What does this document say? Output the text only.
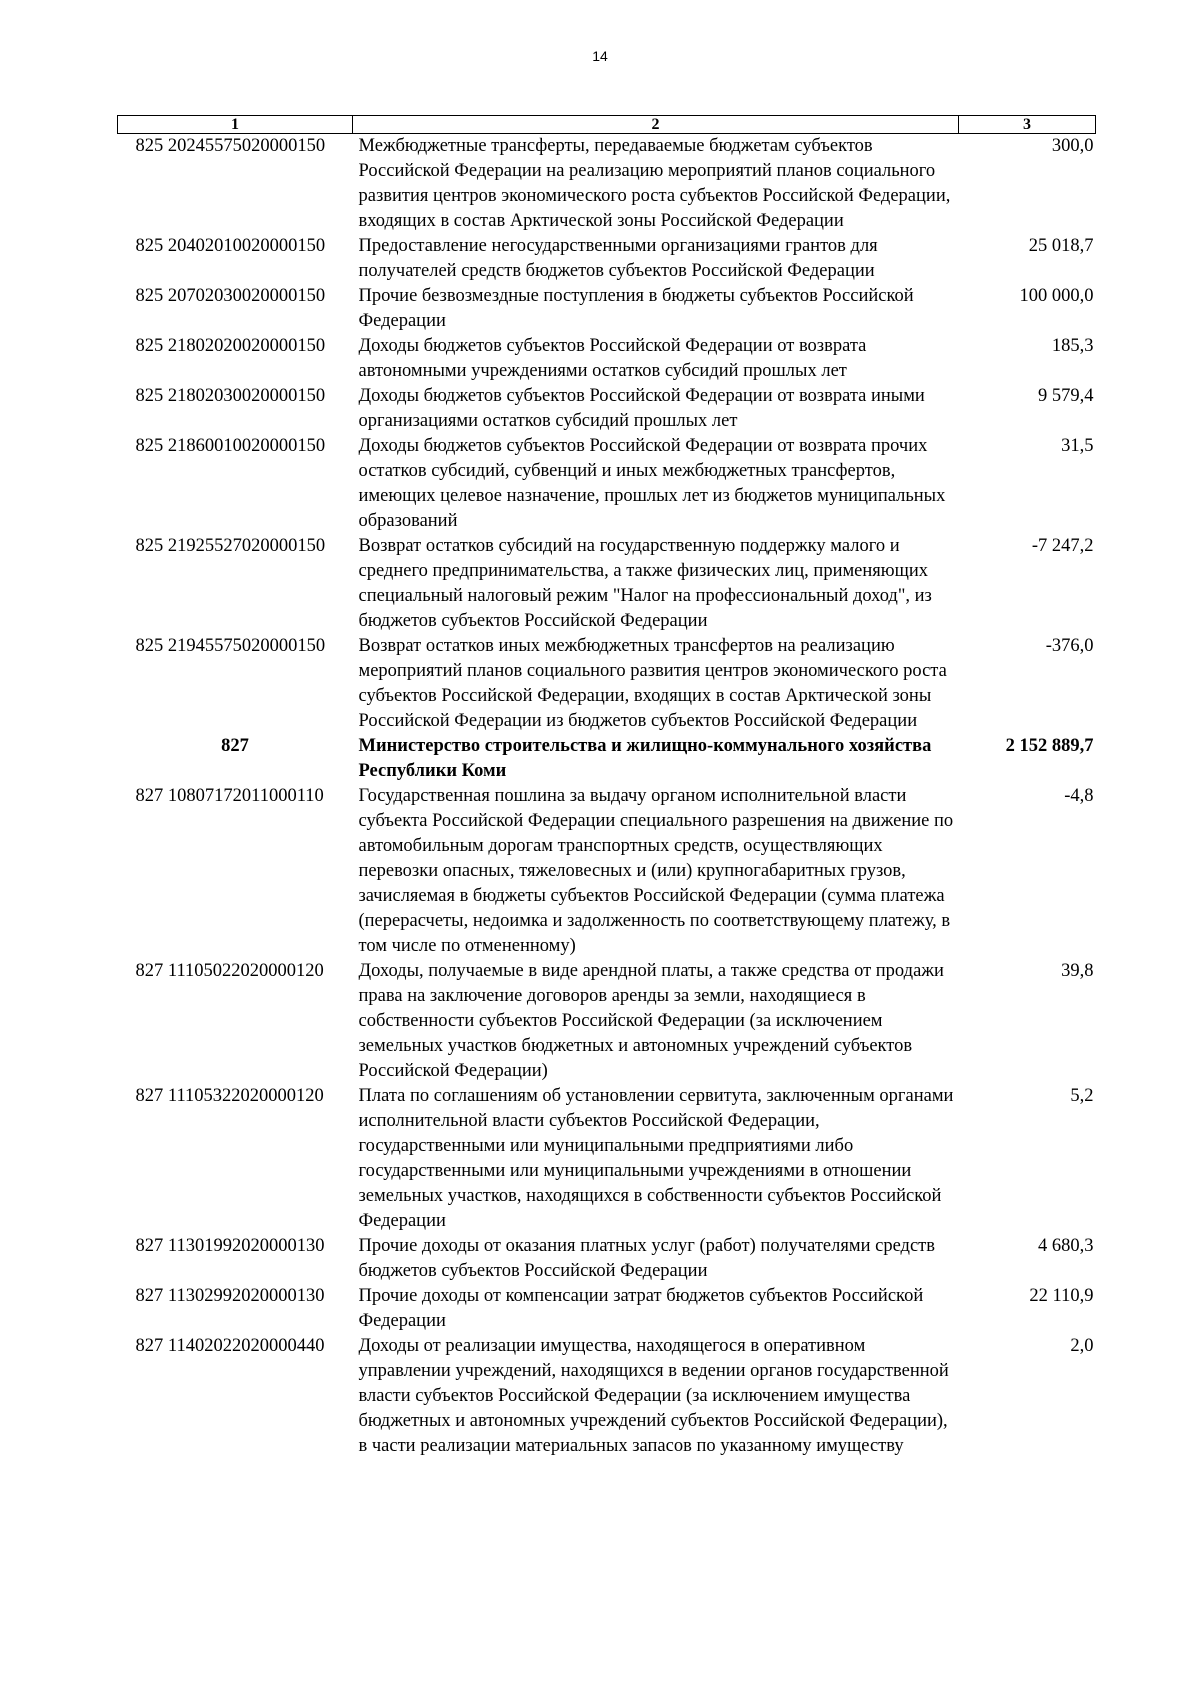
14
1	2	3
825 20245575020000150	Межбюджетные трансферты, передаваемые бюджетам субъектов Российской Федерации на реализацию мероприятий планов социального развития центров экономического роста субъектов Российской Федерации, входящих в состав Арктической зоны Российской Федерации	300,0
825 20402010020000150	Предоставление негосударственными организациями грантов для получателей средств бюджетов субъектов Российской Федерации	25 018,7
825 20702030020000150	Прочие безвозмездные поступления в бюджеты субъектов Российской Федерации	100 000,0
825 21802020020000150	Доходы бюджетов субъектов Российской Федерации от возврата автономными учреждениями остатков субсидий прошлых лет	185,3
825 21802030020000150	Доходы бюджетов субъектов Российской Федерации от возврата иными организациями остатков субсидий прошлых лет	9 579,4
825 21860010020000150	Доходы бюджетов субъектов Российской Федерации от возврата прочих остатков субсидий, субвенций и иных межбюджетных трансфертов, имеющих целевое назначение, прошлых лет из бюджетов муниципальных образований	31,5
825 21925527020000150	Возврат остатков субсидий на государственную поддержку малого и среднего предпринимательства, а также физических лиц, применяющих специальный налоговый режим "Налог на профессиональный доход", из бюджетов субъектов Российской Федерации	-7 247,2
825 21945575020000150	Возврат остатков иных межбюджетных трансфертов на реализацию мероприятий планов социального развития центров экономического роста субъектов Российской Федерации, входящих в состав Арктической зоны Российской Федерации из бюджетов субъектов Российской Федерации	-376,0
827	Министерство строительства и жилищно-коммунального хозяйства Республики Коми	2 152 889,7
827 10807172011000110	Государственная пошлина за выдачу органом исполнительной власти субъекта Российской Федерации специального разрешения на движение по автомобильным дорогам транспортных средств, осуществляющих перевозки опасных, тяжеловесных и (или) крупногабаритных грузов, зачисляемая в бюджеты субъектов Российской Федерации (сумма платежа (перерасчеты, недоимка и задолженность по соответствующему платежу, в том числе по отмененному)	-4,8
827 11105022020000120	Доходы, получаемые в виде арендной платы, а также средства от продажи права на заключение договоров аренды за земли, находящиеся в собственности субъектов Российской Федерации (за исключением земельных участков бюджетных и автономных учреждений субъектов Российской Федерации)	39,8
827 11105322020000120	Плата по соглашениям об установлении сервитута, заключенным органами исполнительной власти субъектов Российской Федерации, государственными или муниципальными предприятиями либо государственными или муниципальными учреждениями в отношении земельных участков, находящихся в собственности субъектов Российской Федерации	5,2
827 11301992020000130	Прочие доходы от оказания платных услуг (работ) получателями средств бюджетов субъектов Российской Федерации	4 680,3
827 11302992020000130	Прочие доходы от компенсации затрат бюджетов субъектов Российской Федерации	22 110,9
827 11402022020000440	Доходы от реализации имущества, находящегося в оперативном управлении учреждений, находящихся в ведении органов государственной власти субъектов Российской Федерации (за исключением имущества бюджетных и автономных учреждений субъектов Российской Федерации), в части реализации материальных запасов по указанному имуществу	2,0
